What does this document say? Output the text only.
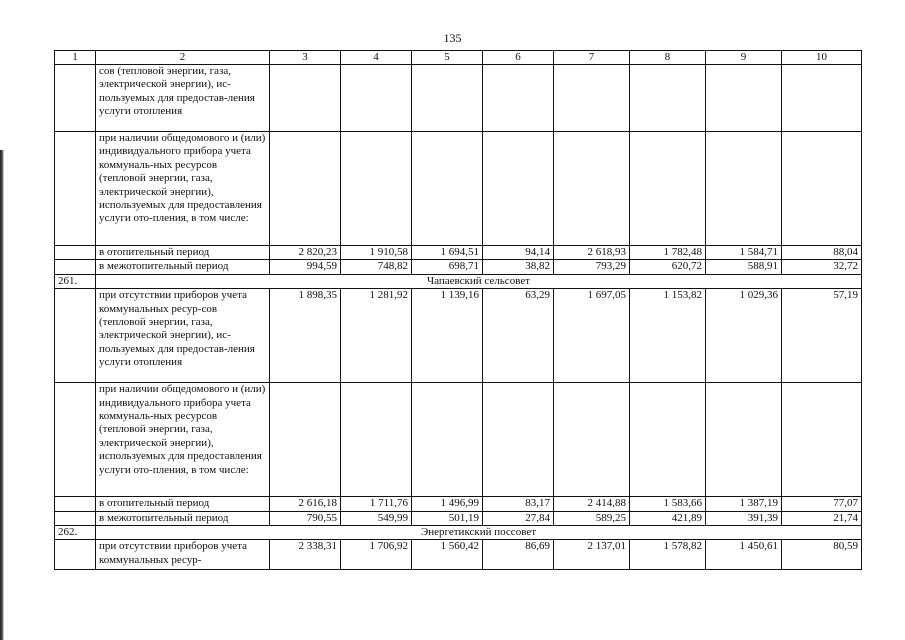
135
1	2	3	4	5	6	7	8	9	10
	сов (тепловой энергии, газа, электрической энергии), ис-пользуемых для предостав-ления услуги отопления								
	при наличии общедомового и (или) индивидуального прибора учета коммуналь-ных ресурсов (тепловой энергии, газа, электрической энергии), используемых для предоставления услуги ото-пления, в том числе:								
	в отопительный период	2 820,23	1 910,58	1 694,51	94,14	2 618,93	1 782,48	1 584,71	88,04
	в межотопительный период	994,59	748,82	698,71	38,82	793,29	620,72	588,91	32,72
261.	Чапаевский сельсовет								
	при отсутствии приборов учета коммунальных ресур-сов (тепловой энергии, газа, электрической энергии), ис-пользуемых для предостав-ления услуги отопления	1 898,35	1 281,92	1 139,16	63,29	1 697,05	1 153,82	1 029,36	57,19
	при наличии общедомового и (или) индивидуального прибора учета коммуналь-ных ресурсов (тепловой энергии, газа, электрической энергии), используемых для предоставления услуги ото-пления, в том числе:								
	в отопительный период	2 616,18	1 711,76	1 496,99	83,17	2 414,88	1 583,66	1 387,19	77,07
	в межотопительный период	790,55	549,99	501,19	27,84	589,25	421,89	391,39	21,74
262.	Энергетикский поссовет								
	при отсутствии приборов учета коммунальных ресур-	2 338,31	1 706,92	1 560,42	86,69	2 137,01	1 578,82	1 450,61	80,59
